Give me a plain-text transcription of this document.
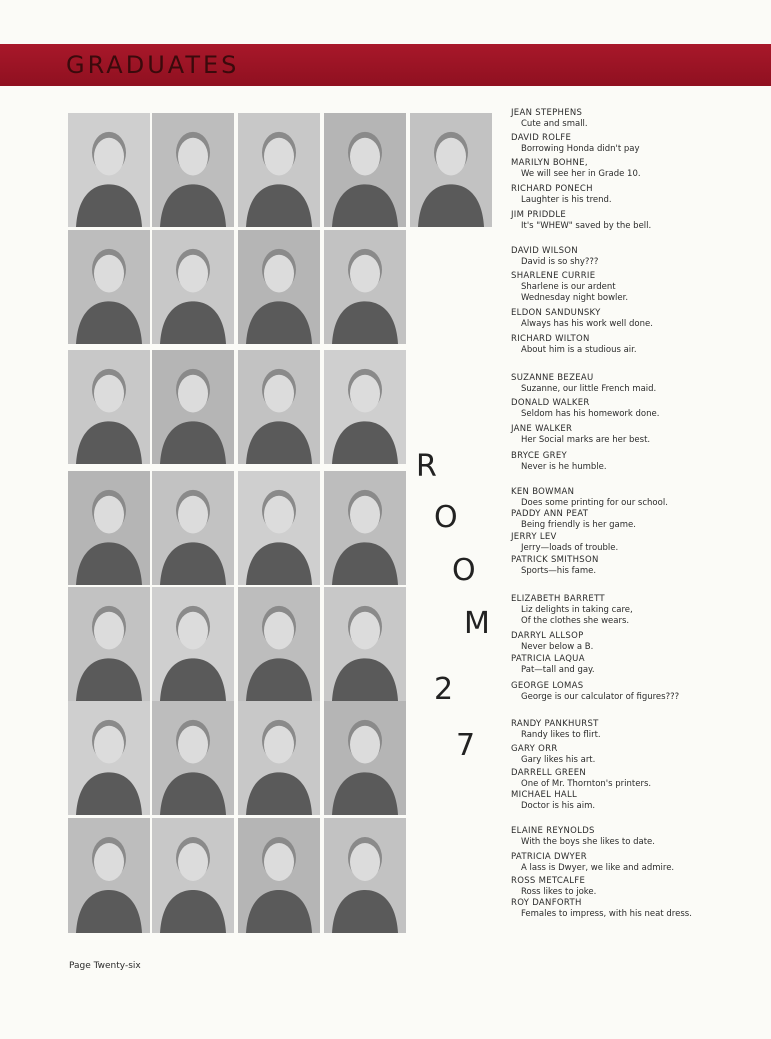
GRADUATES
R
O
O
M
2
7
JEAN STEPHENS
Cute and small.
DAVID ROLFE
Borrowing Honda didn't pay
MARILYN BOHNE,
We will see her in Grade 10.
RICHARD PONECH
Laughter is his trend.
JIM PRIDDLE
It's "WHEW" saved by the bell.
DAVID WILSON
David is so shy???
SHARLENE CURRIE
Sharlene is our ardent
Wednesday night bowler.
ELDON SANDUNSKY
Always has his work well done.
RICHARD WILTON
About him is a studious air.
SUZANNE BEZEAU
Suzanne, our little French maid.
DONALD WALKER
Seldom has his homework done.
JANE WALKER
Her Social marks are her best.
BRYCE GREY
Never is he humble.
KEN BOWMAN
Does some printing for our school.
PADDY ANN PEAT
Being friendly is her game.
JERRY LEV
Jerry—loads of trouble.
PATRICK SMITHSON
Sports—his fame.
ELIZABETH BARRETT
Liz delights in taking care,
Of the clothes she wears.
DARRYL ALLSOP
Never below a B.
PATRICIA LAQUA
Pat—tall and gay.
GEORGE LOMAS
George is our calculator of figures???
RANDY PANKHURST
Randy likes to flirt.
GARY ORR
Gary likes his art.
DARRELL GREEN
One of Mr. Thornton's printers.
MICHAEL HALL
Doctor is his aim.
ELAINE REYNOLDS
With the boys she likes to date.
PATRICIA DWYER
A lass is Dwyer, we like and admire.
ROSS METCALFE
Ross likes to joke.
ROY DANFORTH
Females to impress, with his neat dress.
Page Twenty-six
